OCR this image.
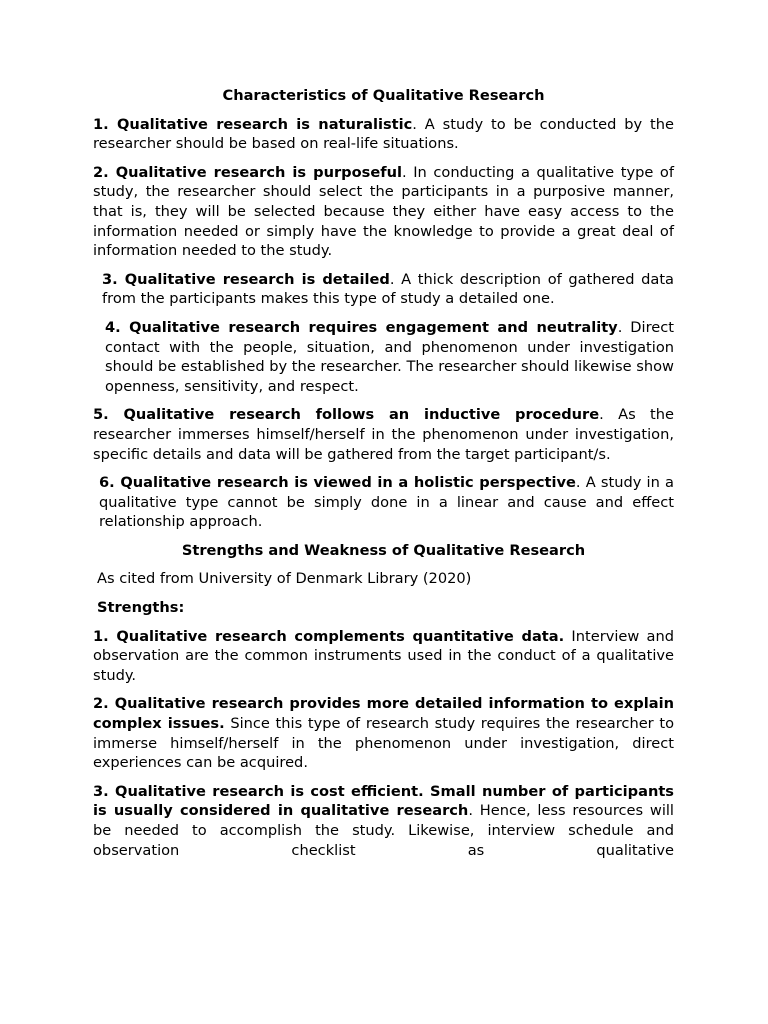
Characteristics of Qualitative Research
1. Qualitative research is naturalistic. A study to be conducted by the researcher should be based on real-life situations.
2. Qualitative research is purposeful. In conducting a qualitative type of study, the researcher should select the participants in a purposive manner, that is, they will be selected because they either have easy access to the information needed or simply have the knowledge to provide a great deal of information needed to the study.
3. Qualitative research is detailed. A thick description of gathered data from the participants makes this type of study a detailed one.
4. Qualitative research requires engagement and neutrality. Direct contact with the people, situation, and phenomenon under investigation should be established by the researcher. The researcher should likewise show openness, sensitivity, and respect.
5. Qualitative research follows an inductive procedure. As the researcher immerses himself/herself in the phenomenon under investigation, specific details and data will be gathered from the target participant/s.
6. Qualitative research is viewed in a holistic perspective. A study in a qualitative type cannot be simply done in a linear and cause and effect relationship approach.
Strengths and Weakness of Qualitative Research
As cited from University of Denmark Library (2020)
Strengths:
1. Qualitative research complements quantitative data. Interview and observation are the common instruments used in the conduct of a qualitative study.
2. Qualitative research provides more detailed information to explain complex issues. Since this type of research study requires the researcher to immerse himself/herself in the phenomenon under investigation, direct experiences can be acquired.
3. Qualitative research is cost efficient. Small number of participants is usually considered in qualitative research. Hence, less resources will be needed to accomplish the study. Likewise, interview schedule and observation checklist as qualitative
